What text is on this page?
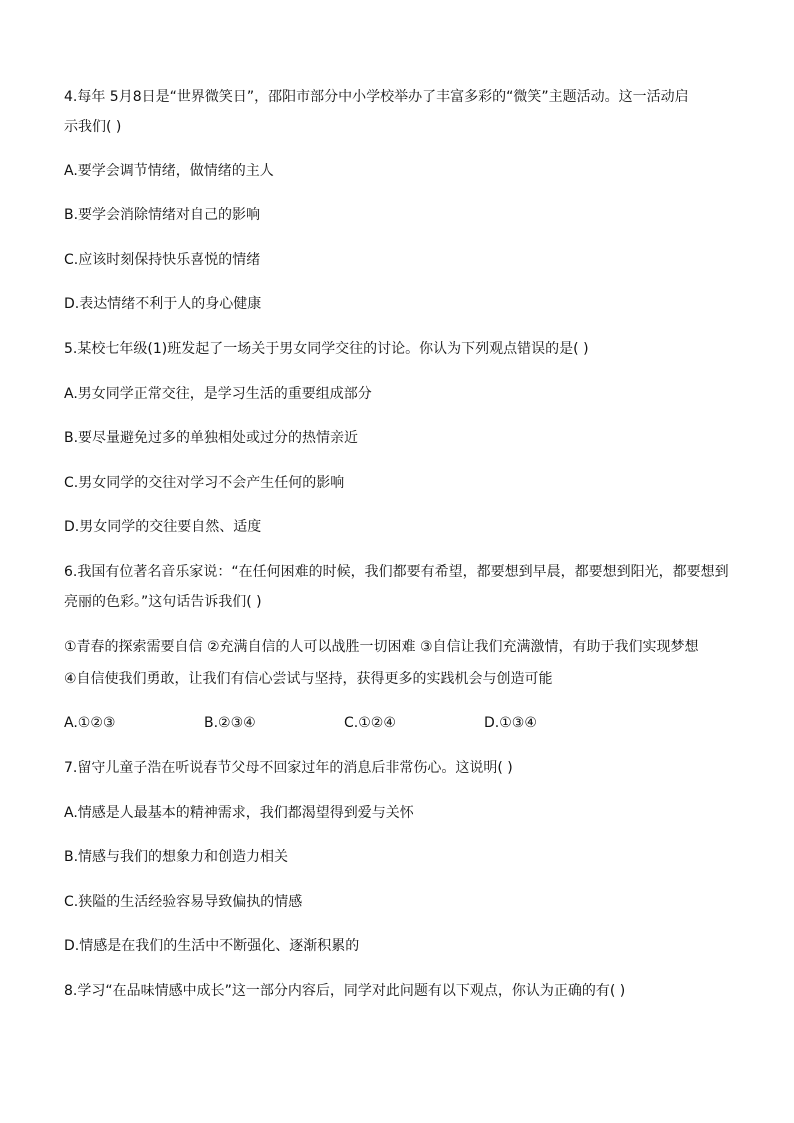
4.每年 5月8日是“世界微笑日”，邵阳市部分中小学校举办了丰富多彩的“微笑”主题活动。这一活动启
示我们( )
A.要学会调节情绪，做情绪的主人
B.要学会消除情绪对自己的影响
C.应该时刻保持快乐喜悦的情绪
D.表达情绪不利于人的身心健康
5.某校七年级(1)班发起了一场关于男女同学交往的讨论。你认为下列观点错误的是( )
A.男女同学正常交往，是学习生活的重要组成部分
B.要尽量避免过多的单独相处或过分的热情亲近
C.男女同学的交往对学习不会产生任何的影响
D.男女同学的交往要自然、适度
6.我国有位著名音乐家说：“在任何困难的时候，我们都要有希望，都要想到早晨，都要想到阳光，都要想到
亮丽的色彩。”这句话告诉我们( )
①青春的探索需要自信 ②充满自信的人可以战胜一切困难 ③自信让我们充满激情，有助于我们实现梦想
④自信使我们勇敢，让我们有信心尝试与坚持，获得更多的实践机会与创造可能
A.①②③	B.②③④	C.①②④	D.①③④
7.留守儿童子浩在听说春节父母不回家过年的消息后非常伤心。这说明( )
A.情感是人最基本的精神需求，我们都渴望得到爱与关怀
B.情感与我们的想象力和创造力相关
C.狭隘的生活经验容易导致偏执的情感
D.情感是在我们的生活中不断强化、逐渐积累的
8.学习“在品味情感中成长”这一部分内容后，同学对此问题有以下观点，你认为正确的有( )
